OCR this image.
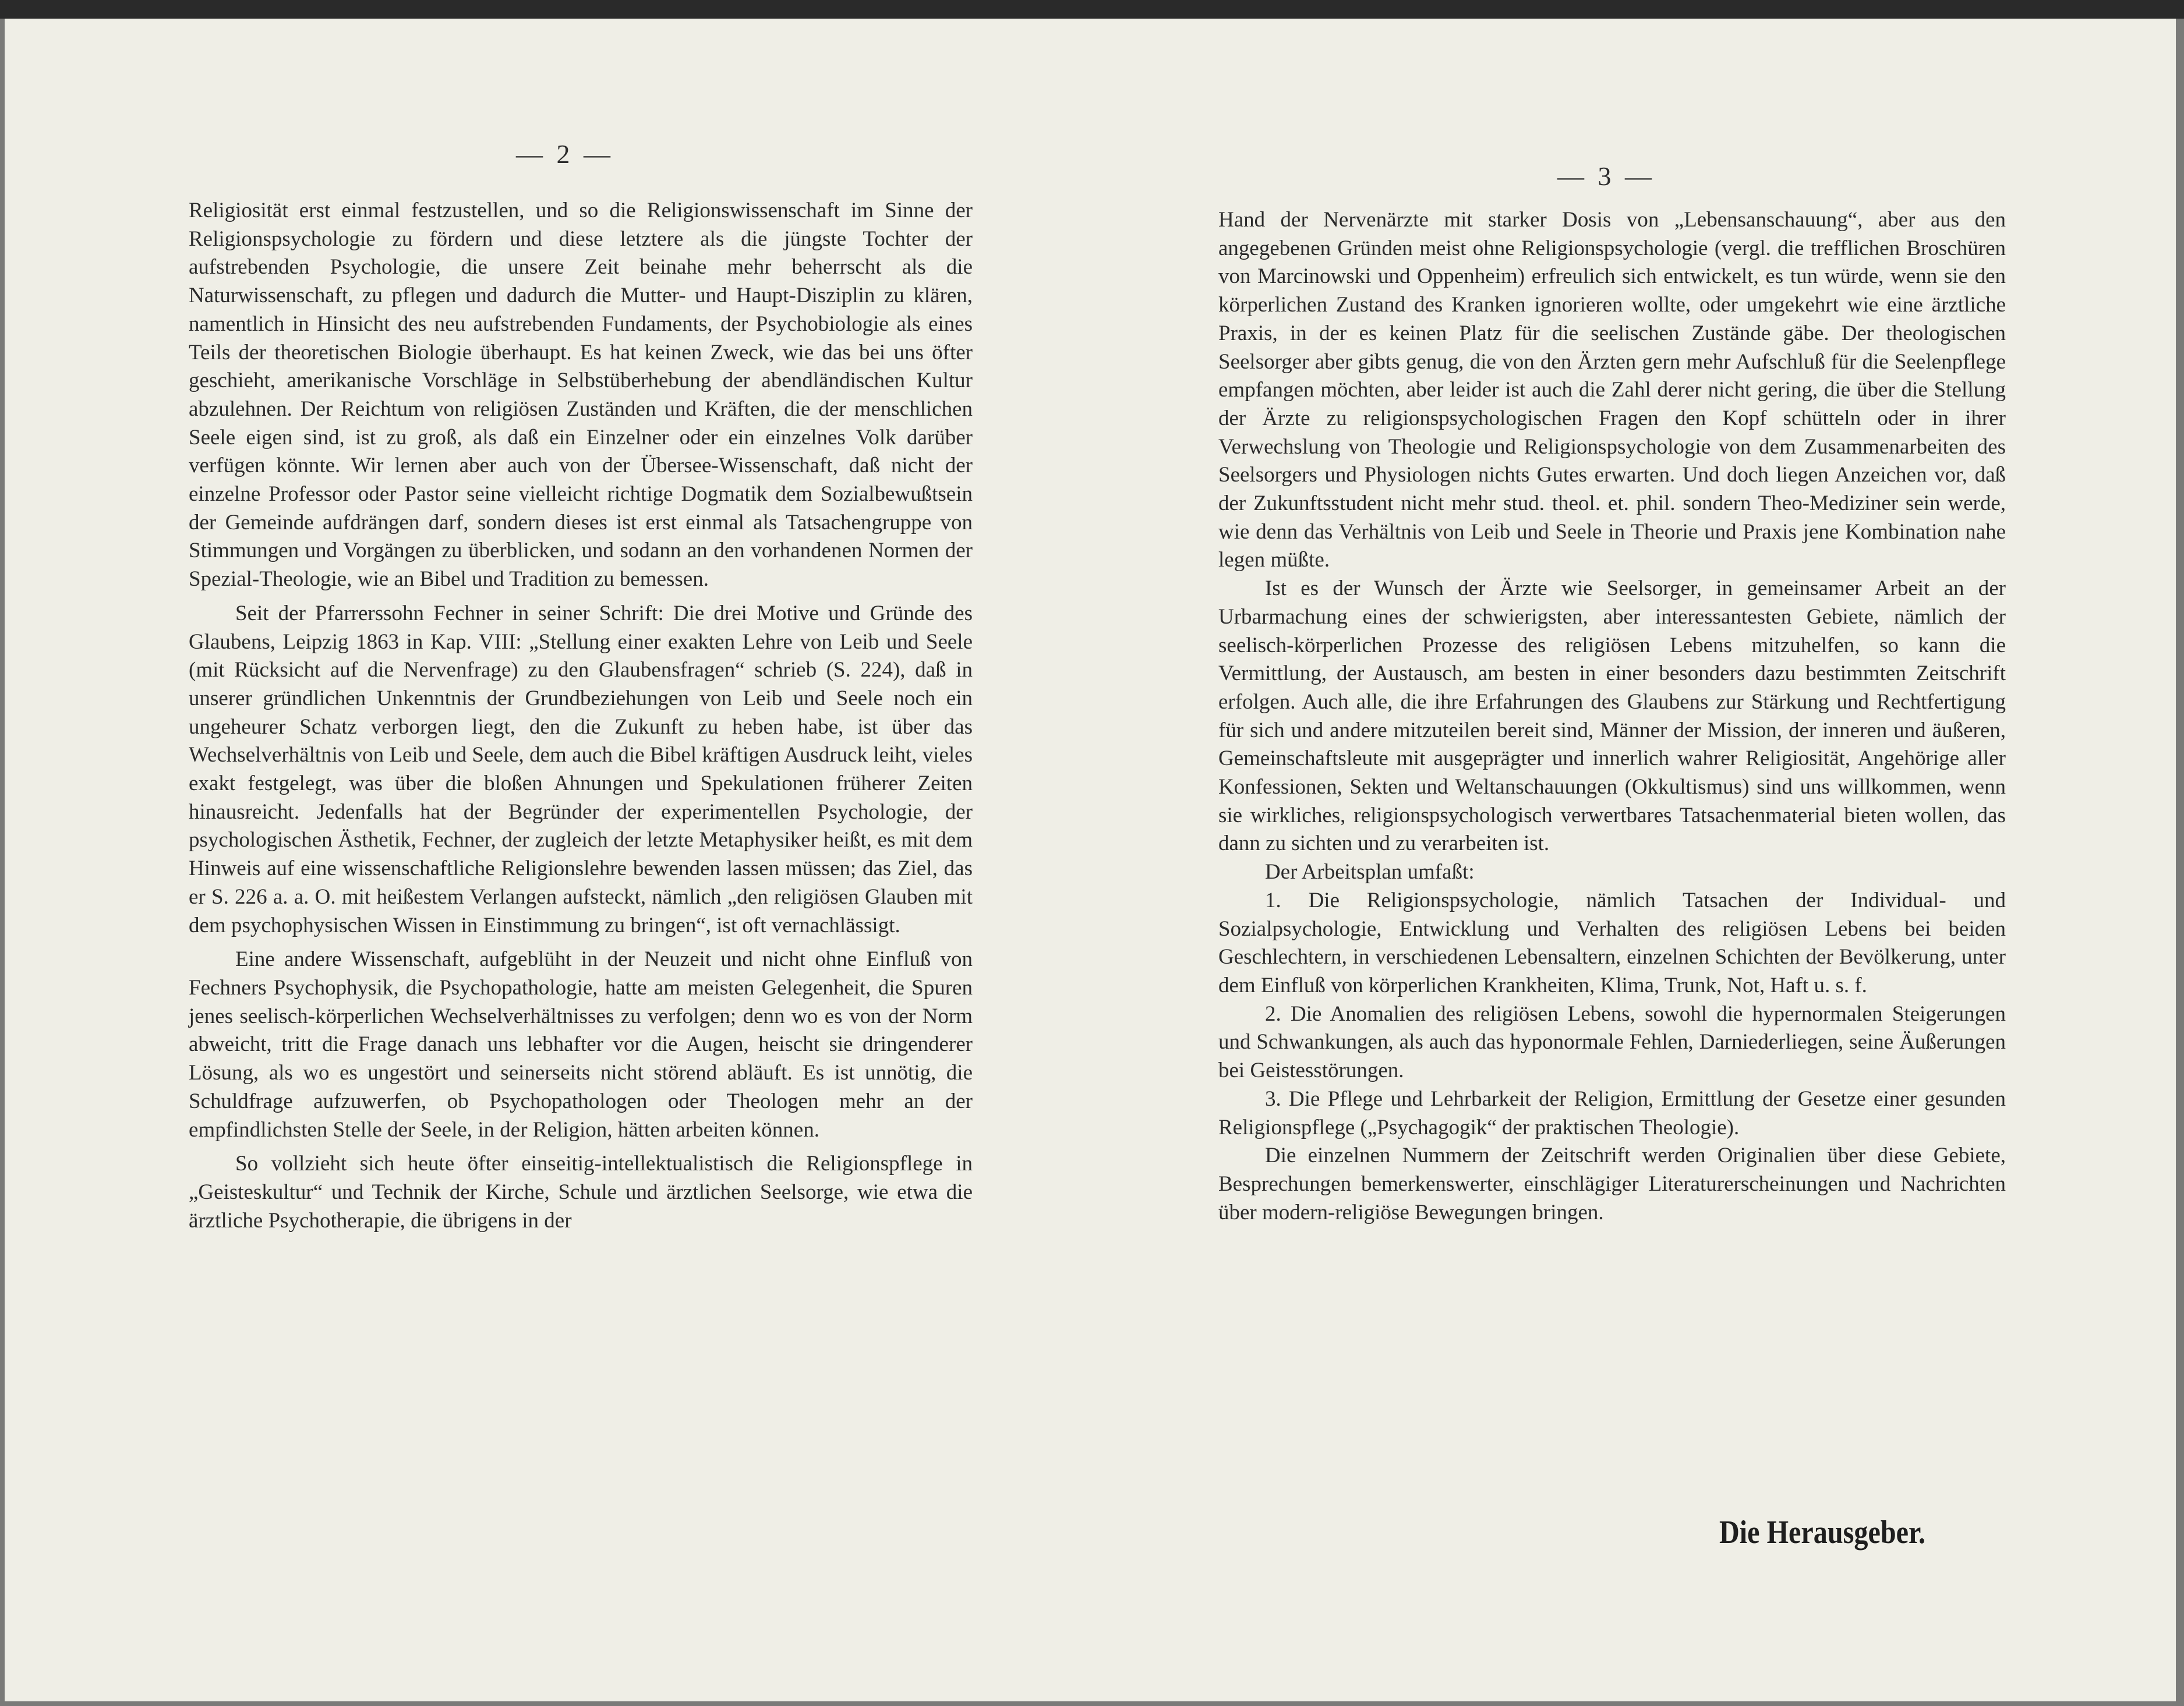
— 2 —

Religiosität erst einmal festzustellen, und so die Religionswissenschaft im Sinne der Religionspsychologie zu fördern und diese letztere als die jüngste Tochter der aufstrebenden Psychologie, die unsere Zeit beinahe mehr beherrscht als die Naturwissenschaft, zu pflegen und dadurch die Mutter- und Haupt-Disziplin zu klären, namentlich in Hinsicht des neu aufstrebenden Fundaments, der Psychobiologie als eines Teils der theoretischen Biologie überhaupt. Es hat keinen Zweck, wie das bei uns öfter geschieht, amerikanische Vorschläge in Selbstüberhebung der abendländischen Kultur abzulehnen. Der Reichtum von religiösen Zuständen und Kräften, die der menschlichen Seele eigen sind, ist zu groß, als daß ein Einzelner oder ein einzelnes Volk darüber verfügen könnte. Wir lernen aber auch von der Übersee-Wissenschaft, daß nicht der einzelne Professor oder Pastor seine vielleicht richtige Dogmatik dem Sozialbewußtsein der Gemeinde aufdrängen darf, sondern dieses ist erst einmal als Tatsachengruppe von Stimmungen und Vorgängen zu überblicken, und sodann an den vorhandenen Normen der Spezial-Theologie, wie an Bibel und Tradition zu bemessen.

Seit der Pfarrerssohn Fechner in seiner Schrift: Die drei Motive und Gründe des Glaubens, Leipzig 1863 in Kap. VIII: „Stellung einer exakten Lehre von Leib und Seele (mit Rücksicht auf die Nervenfrage) zu den Glaubensfragen“ schrieb (S. 224), daß in unserer gründlichen Unkenntnis der Grundbeziehungen von Leib und Seele noch ein ungeheurer Schatz verborgen liegt, den die Zukunft zu heben habe, ist über das Wechselverhältnis von Leib und Seele, dem auch die Bibel kräftigen Ausdruck leiht, vieles exakt festgelegt, was über die bloßen Ahnungen und Spekulationen früherer Zeiten hinausreicht. Jedenfalls hat der Begründer der experimentellen Psychologie, der psychologischen Ästhetik, Fechner, der zugleich der letzte Metaphysiker heißt, es mit dem Hinweis auf eine wissenschaftliche Religionslehre bewenden lassen müssen; das Ziel, das er S. 226 a. a. O. mit heißestem Verlangen aufsteckt, nämlich „den religiösen Glauben mit dem psychophysischen Wissen in Einstimmung zu bringen“, ist oft vernachlässigt.

Eine andere Wissenschaft, aufgeblüht in der Neuzeit und nicht ohne Einfluß von Fechners Psychophysik, die Psychopathologie, hatte am meisten Gelegenheit, die Spuren jenes seelisch-körperlichen Wechselverhältnisses zu verfolgen; denn wo es von der Norm abweicht, tritt die Frage danach uns lebhafter vor die Augen, heischt sie dringenderer Lösung, als wo es ungestört und seinerseits nicht störend abläuft. Es ist unnötig, die Schuldfrage aufzuwerfen, ob Psychopathologen oder Theologen mehr an der empfindlichsten Stelle der Seele, in der Religion, hätten arbeiten können.

So vollzieht sich heute öfter einseitig-intellektualistisch die Religionspflege in „Geisteskultur“ und Technik der Kirche, Schule und ärztlichen Seelsorge, wie etwa die ärztliche Psychotherapie, die übrigens in der

— 3 —

Hand der Nervenärzte mit starker Dosis von „Lebensanschauung“, aber aus den angegebenen Gründen meist ohne Religionspsychologie (vergl. die trefflichen Broschüren von Marcinowski und Oppenheim) erfreulich sich entwickelt, es tun würde, wenn sie den körperlichen Zustand des Kranken ignorieren wollte, oder umgekehrt wie eine ärztliche Praxis, in der es keinen Platz für die seelischen Zustände gäbe. Der theologischen Seelsorger aber gibts genug, die von den Ärzten gern mehr Aufschluß für die Seelenpflege empfangen möchten, aber leider ist auch die Zahl derer nicht gering, die über die Stellung der Ärzte zu religionspsychologischen Fragen den Kopf schütteln oder in ihrer Verwechslung von Theologie und Religionspsychologie von dem Zusammenarbeiten des Seelsorgers und Physiologen nichts Gutes erwarten. Und doch liegen Anzeichen vor, daß der Zukunftsstudent nicht mehr stud. theol. et. phil. sondern Theo-Mediziner sein werde, wie denn das Verhältnis von Leib und Seele in Theorie und Praxis jene Kombination nahe legen müßte.

Ist es der Wunsch der Ärzte wie Seelsorger, in gemeinsamer Arbeit an der Urbarmachung eines der schwierigsten, aber interessantesten Gebiete, nämlich der seelisch-körperlichen Prozesse des religiösen Lebens mitzuhelfen, so kann die Vermittlung, der Austausch, am besten in einer besonders dazu bestimmten Zeitschrift erfolgen. Auch alle, die ihre Erfahrungen des Glaubens zur Stärkung und Rechtfertigung für sich und andere mitzuteilen bereit sind, Männer der Mission, der inneren und äußeren, Gemeinschaftsleute mit ausgeprägter und innerlich wahrer Religiosität, Angehörige aller Konfessionen, Sekten und Weltanschauungen (Okkultismus) sind uns willkommen, wenn sie wirkliches, religionspsychologisch verwertbares Tatsachenmaterial bieten wollen, das dann zu sichten und zu verarbeiten ist.

Der Arbeitsplan umfaßt:

1. Die Religionspsychologie, nämlich Tatsachen der Individual- und Sozialpsychologie, Entwicklung und Verhalten des religiösen Lebens bei beiden Geschlechtern, in verschiedenen Lebensaltern, einzelnen Schichten der Bevölkerung, unter dem Einfluß von körperlichen Krankheiten, Klima, Trunk, Not, Haft u. s. f.

2. Die Anomalien des religiösen Lebens, sowohl die hypernormalen Steigerungen und Schwankungen, als auch das hyponormale Fehlen, Darniederliegen, seine Äußerungen bei Geistesstörungen.

3. Die Pflege und Lehrbarkeit der Religion, Ermittlung der Gesetze einer gesunden Religionspflege („Psychagogik“ der praktischen Theologie).

Die einzelnen Nummern der Zeitschrift werden Originalien über diese Gebiete, Besprechungen bemerkenswerter, einschlägiger Literaturerscheinungen und Nachrichten über modern-religiöse Bewegungen bringen.

Die Herausgeber.
